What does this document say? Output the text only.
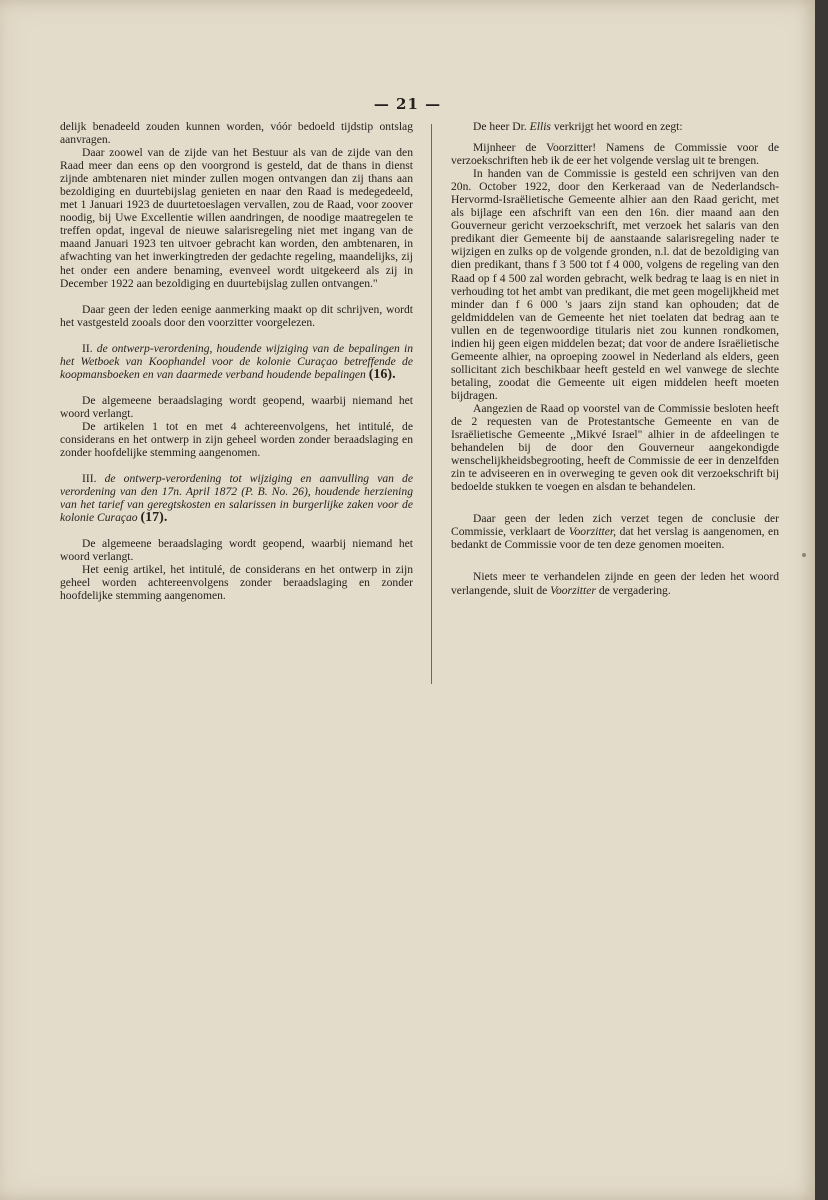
— 21 —

delijk benadeeld zouden kunnen worden, vóór bedoeld tijdstip ontslag aanvragen.

Daar zoowel van de zijde van het Bestuur als van de zijde van den Raad meer dan eens op den voorgrond is gesteld, dat de thans in dienst zijnde ambtenaren niet minder zullen mogen ontvangen dan zij thans aan bezoldiging en duurtebijslag genieten en naar den Raad is medegedeeld, met 1 Januari 1923 de duurtetoeslagen vervallen, zou de Raad, voor zoover noodig, bij Uwe Excellentie willen aandringen, de noodige maatregelen te treffen opdat, ingeval de nieuwe salarisregeling niet met ingang van de maand Januari 1923 ten uitvoer gebracht kan worden, den ambtenaren, in afwachting van het inwerkingtreden der gedachte regeling, maandelijks, zij het onder een andere benaming, evenveel wordt uitgekeerd als zij in December 1922 aan bezoldiging en duurtebijslag zullen ontvangen."

Daar geen der leden eenige aanmerking maakt op dit schrijven, wordt het vastgesteld zooals door den voorzitter voorgelezen.

II. de ontwerp-verordening, houdende wijziging van de bepalingen in het Wetboek van Koophandel voor de kolonie Curaçao betreffende de koopmansboeken en van daarmede verband houdende bepalingen (16).

De algemeene beraadslaging wordt geopend, waarbij niemand het woord verlangt.

De artikelen 1 tot en met 4 achtereenvolgens, het intitulé, de considerans en het ontwerp in zijn geheel worden zonder beraadslaging en zonder hoofdelijke stemming aangenomen.

III. de ontwerp-verordening tot wijziging en aanvulling van de verordening van den 17n. April 1872 (P. B. No. 26), houdende herziening van het tarief van geregtskosten en salarissen in burgerlijke zaken voor de kolonie Curaçao (17).

De algemeene beraadslaging wordt geopend, waarbij niemand het woord verlangt.

Het eenig artikel, het intitulé, de considerans en het ontwerp in zijn geheel worden achtereenvolgens zonder beraadslaging en zonder hoofdelijke stemming aangenomen.

De heer Dr. Ellis verkrijgt het woord en zegt:

Mijnheer de Voorzitter! Namens de Commissie voor de verzoekschriften heb ik de eer het volgende verslag uit te brengen.

In handen van de Commissie is gesteld een schrijven van den 20n. October 1922, door den Kerkeraad van de Nederlandsch-Hervormd-Israëlietische Gemeente alhier aan den Raad gericht, met als bijlage een afschrift van een den 16n. dier maand aan den Gouverneur gericht verzoekschrift, met verzoek het salaris van den predikant dier Gemeente bij de aanstaande salarisregeling nader te wijzigen en zulks op de volgende gronden, n.l. dat de bezoldiging van dien predikant, thans f 3 500 tot f 4 000, volgens de regeling van den Raad op f 4 500 zal worden gebracht, welk bedrag te laag is en niet in verhouding tot het ambt van predikant, die met geen mogelijkheid met minder dan f 6 000 's jaars zijn stand kan ophouden; dat de geldmiddelen van de Gemeente het niet toelaten dat bedrag aan te vullen en de tegenwoordige titularis niet zou kunnen rondkomen, indien hij geen eigen middelen bezat; dat voor de andere Israëlietische Gemeente alhier, na oproeping zoowel in Nederland als elders, geen sollicitant zich beschikbaar heeft gesteld en wel vanwege de slechte betaling, zoodat die Gemeente uit eigen middelen heeft moeten bijdragen.

Aangezien de Raad op voorstel van de Commissie besloten heeft de 2 requesten van de Protestantsche Gemeente en van de Israëlietische Gemeente ,,Mikvé Israel" alhier in de afdeelingen te behandelen bij de door den Gouverneur aangekondigde wenschelijkheidsbegrooting, heeft de Commissie de eer in denzelfden zin te adviseeren en in overweging te geven ook dit verzoekschrift bij bedoelde stukken te voegen en alsdan te behandelen.

Daar geen der leden zich verzet tegen de conclusie der Commissie, verklaart de Voorzitter, dat het verslag is aangenomen, en bedankt de Commissie voor de ten deze genomen moeiten.

Niets meer te verhandelen zijnde en geen der leden het woord verlangende, sluit de Voorzitter de vergadering.
